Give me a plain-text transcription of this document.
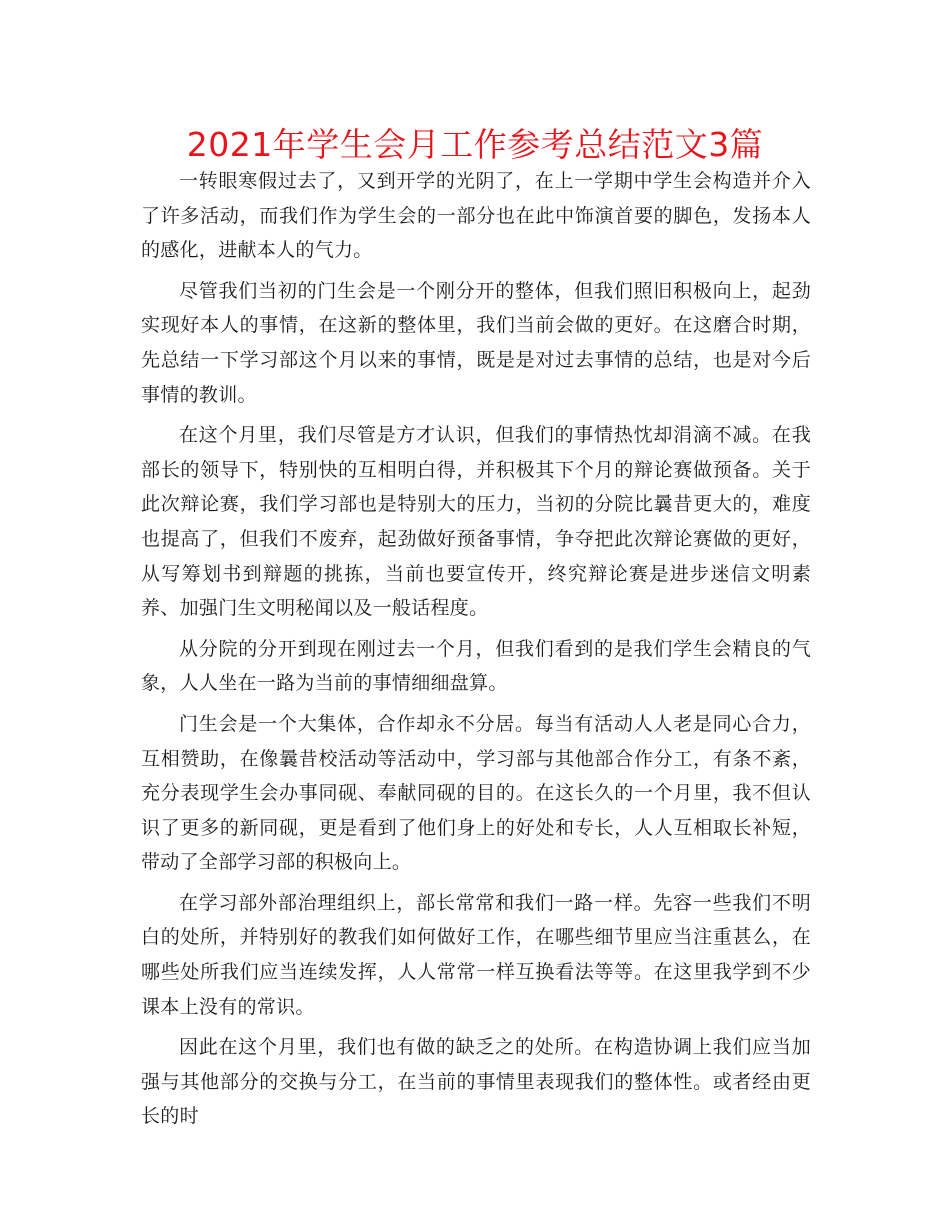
2021年学生会月工作参考总结范文3篇

一转眼寒假过去了，又到开学的光阴了，在上一学期中学生会构造并介入了许多活动，而我们作为学生会的一部分也在此中饰演首要的脚色，发扬本人的感化，进献本人的气力。

尽管我们当初的门生会是一个刚分开的整体，但我们照旧积极向上，起劲实现好本人的事情，在这新的整体里，我们当前会做的更好。在这磨合时期，先总结一下学习部这个月以来的事情，既是是对过去事情的总结，也是对今后事情的教训。

在这个月里，我们尽管是方才认识，但我们的事情热忱却涓滴不减。在我部长的领导下，特别快的互相明白得，并积极其下个月的辩论赛做预备。关于此次辩论赛，我们学习部也是特别大的压力，当初的分院比曩昔更大的，难度也提高了，但我们不废弃，起劲做好预备事情，争夺把此次辩论赛做的更好，从写筹划书到辩题的挑拣，当前也要宣传开，终究辩论赛是进步迷信文明素养、加强门生文明秘闻以及一般话程度。

从分院的分开到现在刚过去一个月，但我们看到的是我们学生会精良的气象，人人坐在一路为当前的事情细细盘算。

门生会是一个大集体，合作却永不分居。每当有活动人人老是同心合力，互相赞助，在像曩昔校活动等活动中，学习部与其他部合作分工，有条不紊，充分表现学生会办事同砚、奉献同砚的目的。在这长久的一个月里，我不但认识了更多的新同砚，更是看到了他们身上的好处和专长，人人互相取长补短，带动了全部学习部的积极向上。

在学习部外部治理组织上，部长常常和我们一路一样。先容一些我们不明白的处所，并特别好的教我们如何做好工作，在哪些细节里应当注重甚么，在哪些处所我们应当连续发挥，人人常常一样互换看法等等。在这里我学到不少课本上没有的常识。

因此在这个月里，我们也有做的缺乏之的处所。在构造协调上我们应当加强与其他部分的交换与分工，在当前的事情里表现我们的整体性。或者经由更长的时
